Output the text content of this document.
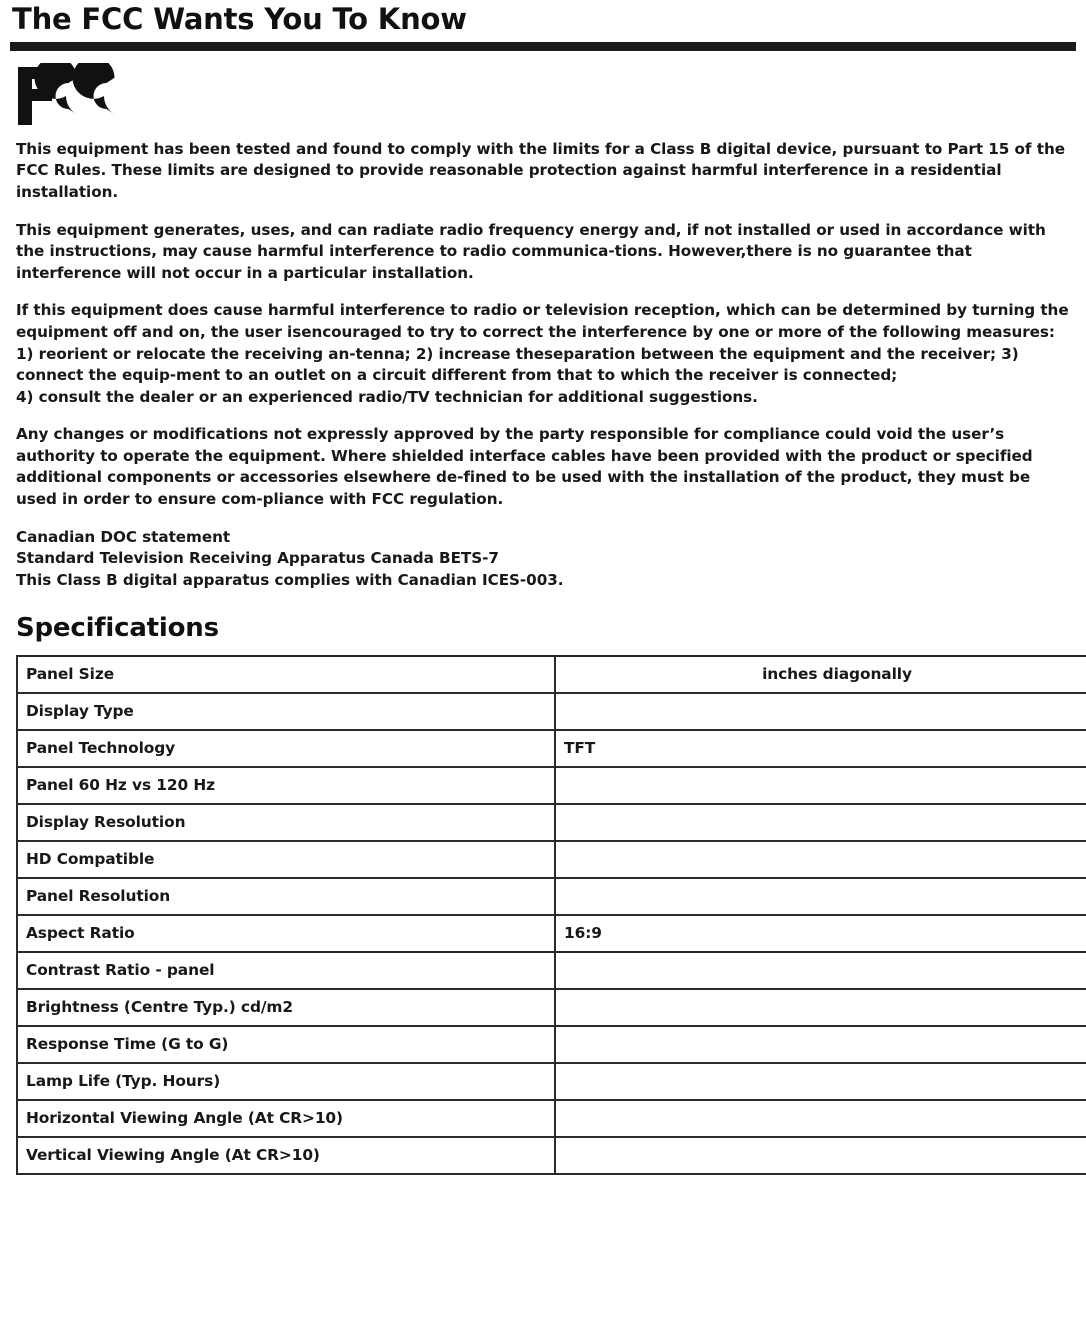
The FCC Wants You To Know

This equipment has been tested and found to comply with the limits for a Class B digital device, pursuant to Part 15 of the FCC Rules. These limits are designed to provide reasonable protection against harmful interference in a residential installation.

This equipment generates, uses, and can radiate radio frequency energy and, if not installed or used in accordance with the instructions, may cause harmful interference to radio communica-tions. However,there is no guarantee that interference will not occur in a particular installation.

If this equipment does cause harmful interference to radio or television reception, which can be determined by turning the equipment off and on, the user isencouraged to try to correct the interference by one or more of the following measures: 1) reorient or relocate the receiving an-tenna; 2) increase theseparation between the equipment and the receiver; 3) connect the equip-ment to an outlet on a circuit different from that to which the receiver is connected;

4) consult the dealer or an experienced radio/TV technician for additional suggestions.

Any changes or modifications not expressly approved by the party responsible for compliance could void the user’s authority to operate the equipment. Where shielded interface cables have been provided with the product or specified additional components or accessories elsewhere de-fined to be used with the installation of the product, they must be used in order to ensure com-pliance with FCC regulation.

Canadian DOC statement

Standard Television Receiving Apparatus Canada BETS-7

This Class B digital apparatus complies with Canadian ICES-003.

Specifications
Panel Size	inches diagonally
Display Type	
Panel Technology	TFT
Panel 60 Hz vs 120 Hz	
Display Resolution	
HD Compatible	
Panel Resolution	
Aspect Ratio	16:9
Contrast Ratio - panel	
Brightness (Centre Typ.) cd/m2	
Response Time (G to G)	
Lamp Life (Typ. Hours)	
Horizontal Viewing Angle (At CR>10)	
Vertical Viewing Angle (At CR>10)	
